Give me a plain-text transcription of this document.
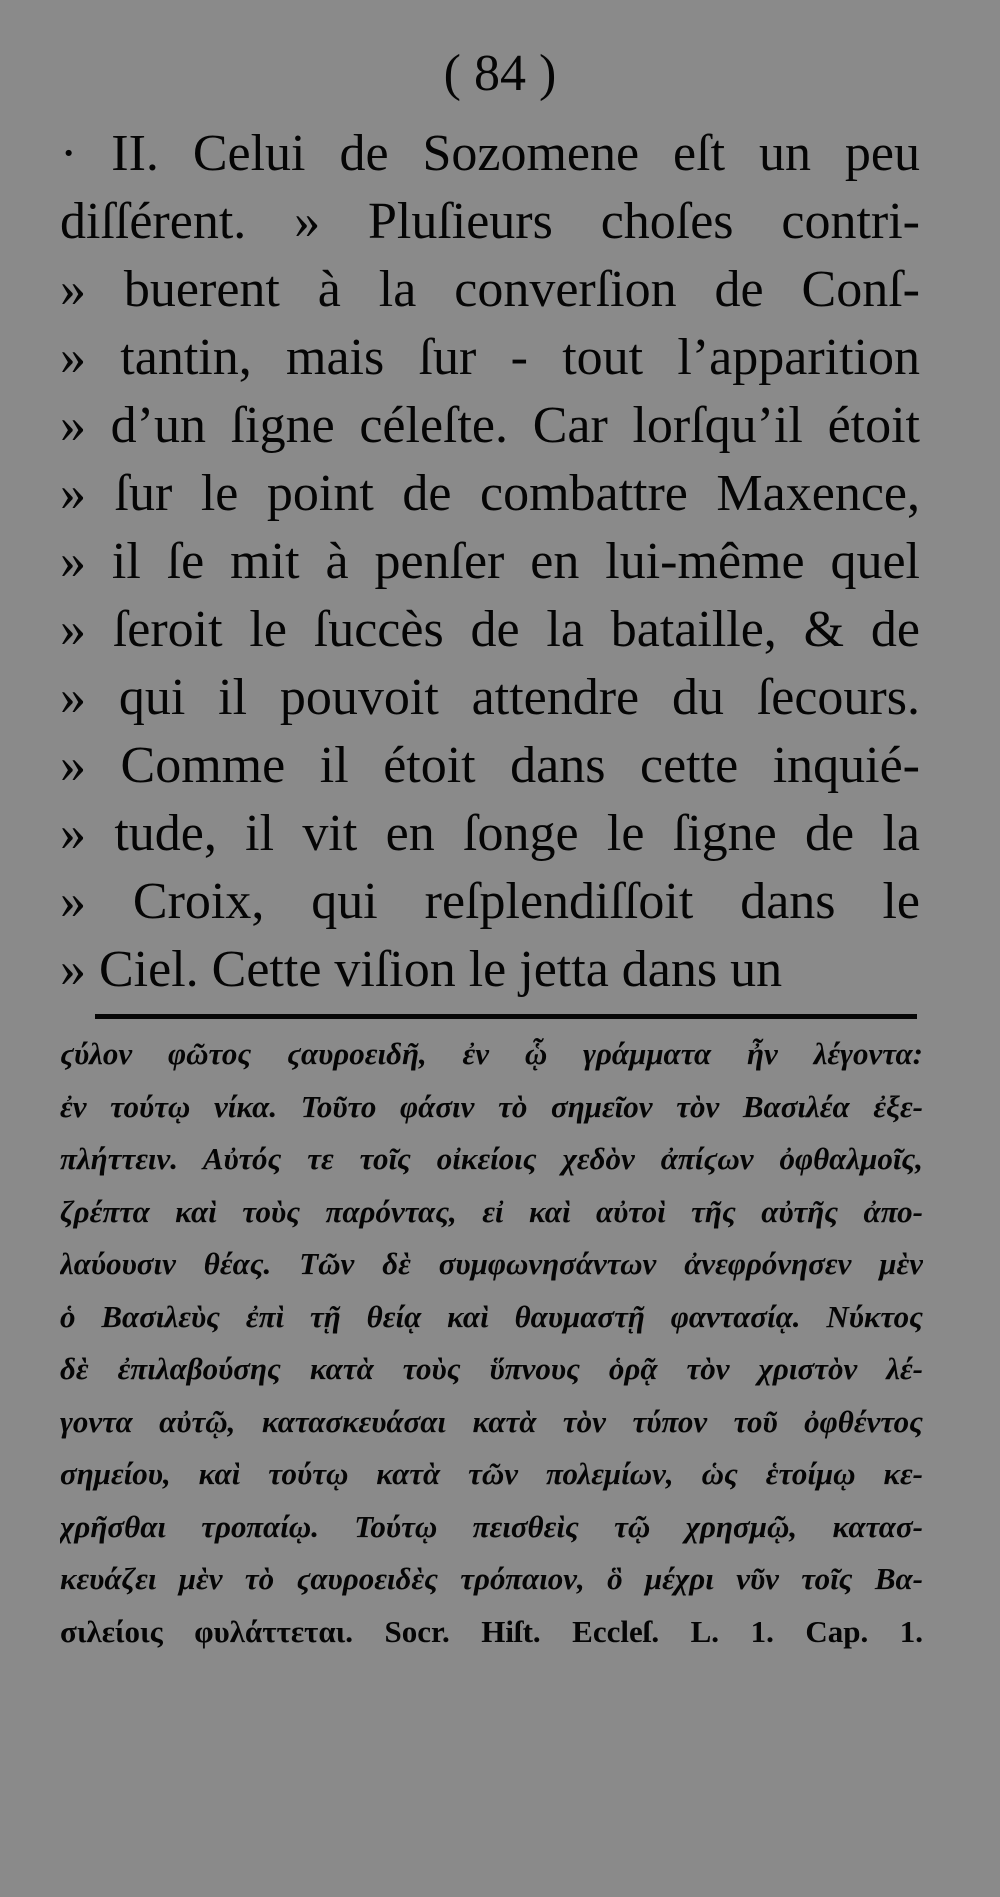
( 84 )
· II. Celui de Sozomene eſt un peu
diſſérent. » Pluſieurs choſes contri-
» buerent à la converſion de Conſ-
» tantin, mais ſur - tout l’apparition
» d’un ſigne céleſte. Car lorſqu’il étoit
» ſur le point de combattre Maxence,
» il ſe mit à penſer en lui-même quel
» ſeroit le ſuccès de la bataille, & de
» qui il pouvoit attendre du ſecours.
» Comme il étoit dans cette inquié-
» tude, il vit en ſonge le ſigne de la
» Croix, qui reſplendiſſoit dans le
» Ciel. Cette viſion le jetta dans un
ϛύλον φῶτος ϛαυροειδῆ, ἐν ᾧ γράμματα ἦν λέγοντα:
ἐν τούτῳ νίκα. Τοῦτο φάσιν τὸ σημεῖον τὸν Βασιλέα ἐξε-
πλήττειν. Αὐτός τε τοῖς οἰκείοις χεδὸν ἀπίϛων ὀφθαλμοῖς,
ζρέπτα καὶ τοὺς παρόντας, εἰ καὶ αὐτοὶ τῆς αὐτῆς ἀπο-
λαύουσιν θέας. Τῶν δὲ συμφωνησάντων ἀνεφρόνησεν μὲν
ὁ Βασιλεὺς ἐπὶ τῇ θείᾳ καὶ θαυμαστῇ φαντασίᾳ. Νύκτος
δὲ ἐπιλαβούσης κατὰ τοὺς ὕπνους ὁρᾷ τὸν χριστὸν λέ-
γοντα αὐτῷ, κατασκευάσαι κατὰ τὸν τύπον τοῦ ὀφθέντος
σημείου, καὶ τούτῳ κατὰ τῶν πολεμίων, ὡς ἑτοίμῳ κε-
χρῆσθαι τροπαίῳ. Τούτῳ πεισθεὶς τῷ χρησμῷ, κατασ-
κευάζει μὲν τὸ ϛαυροειδὲς τρόπαιον, ὃ μέχρι νῦν τοῖς Βα-
σιλείοις φυλάττεται. Socr. Hiſt. Eccleſ. L. 1. Cap. 1.
